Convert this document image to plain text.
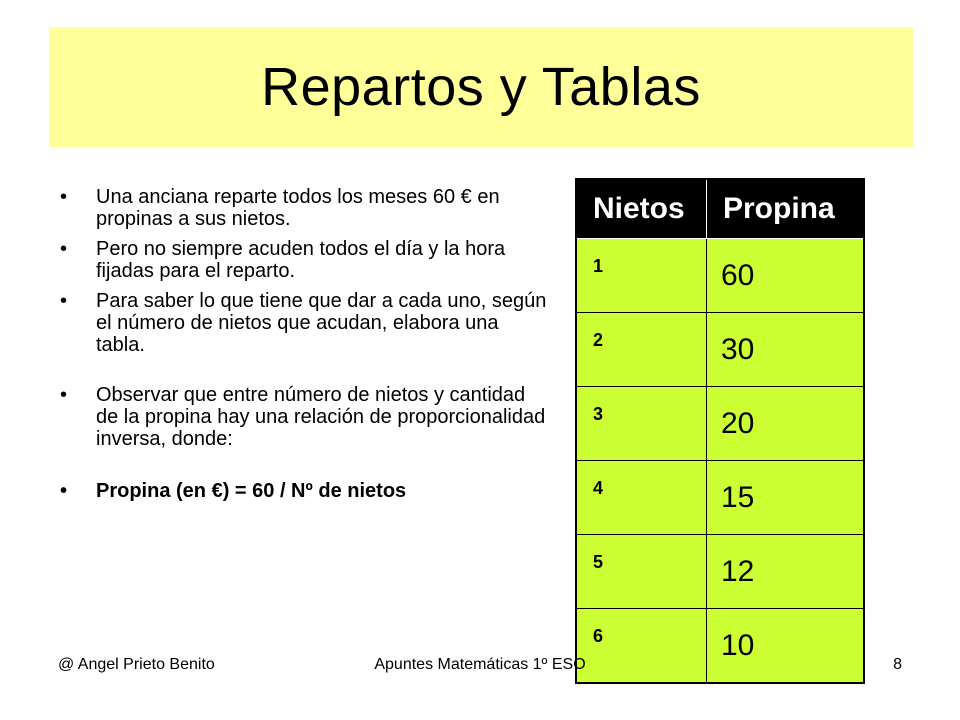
Repartos y Tablas
• Una anciana reparte todos los meses 60 € en propinas a sus nietos.
• Pero no siempre acuden todos el día y la hora fijadas para el reparto.
• Para saber lo que tiene que dar a cada uno, según el número de nietos que acudan, elabora una tabla.
• Observar que entre número de nietos y cantidad de la propina hay una relación de proporcionalidad inversa, donde:
• Propina (en €) = 60 / Nº de nietos
Nietos	Propina
1	60
2	30
3	20
4	15
5	12
6	10
@ Angel Prieto Benito	Apuntes Matemáticas 1º ESO	8
